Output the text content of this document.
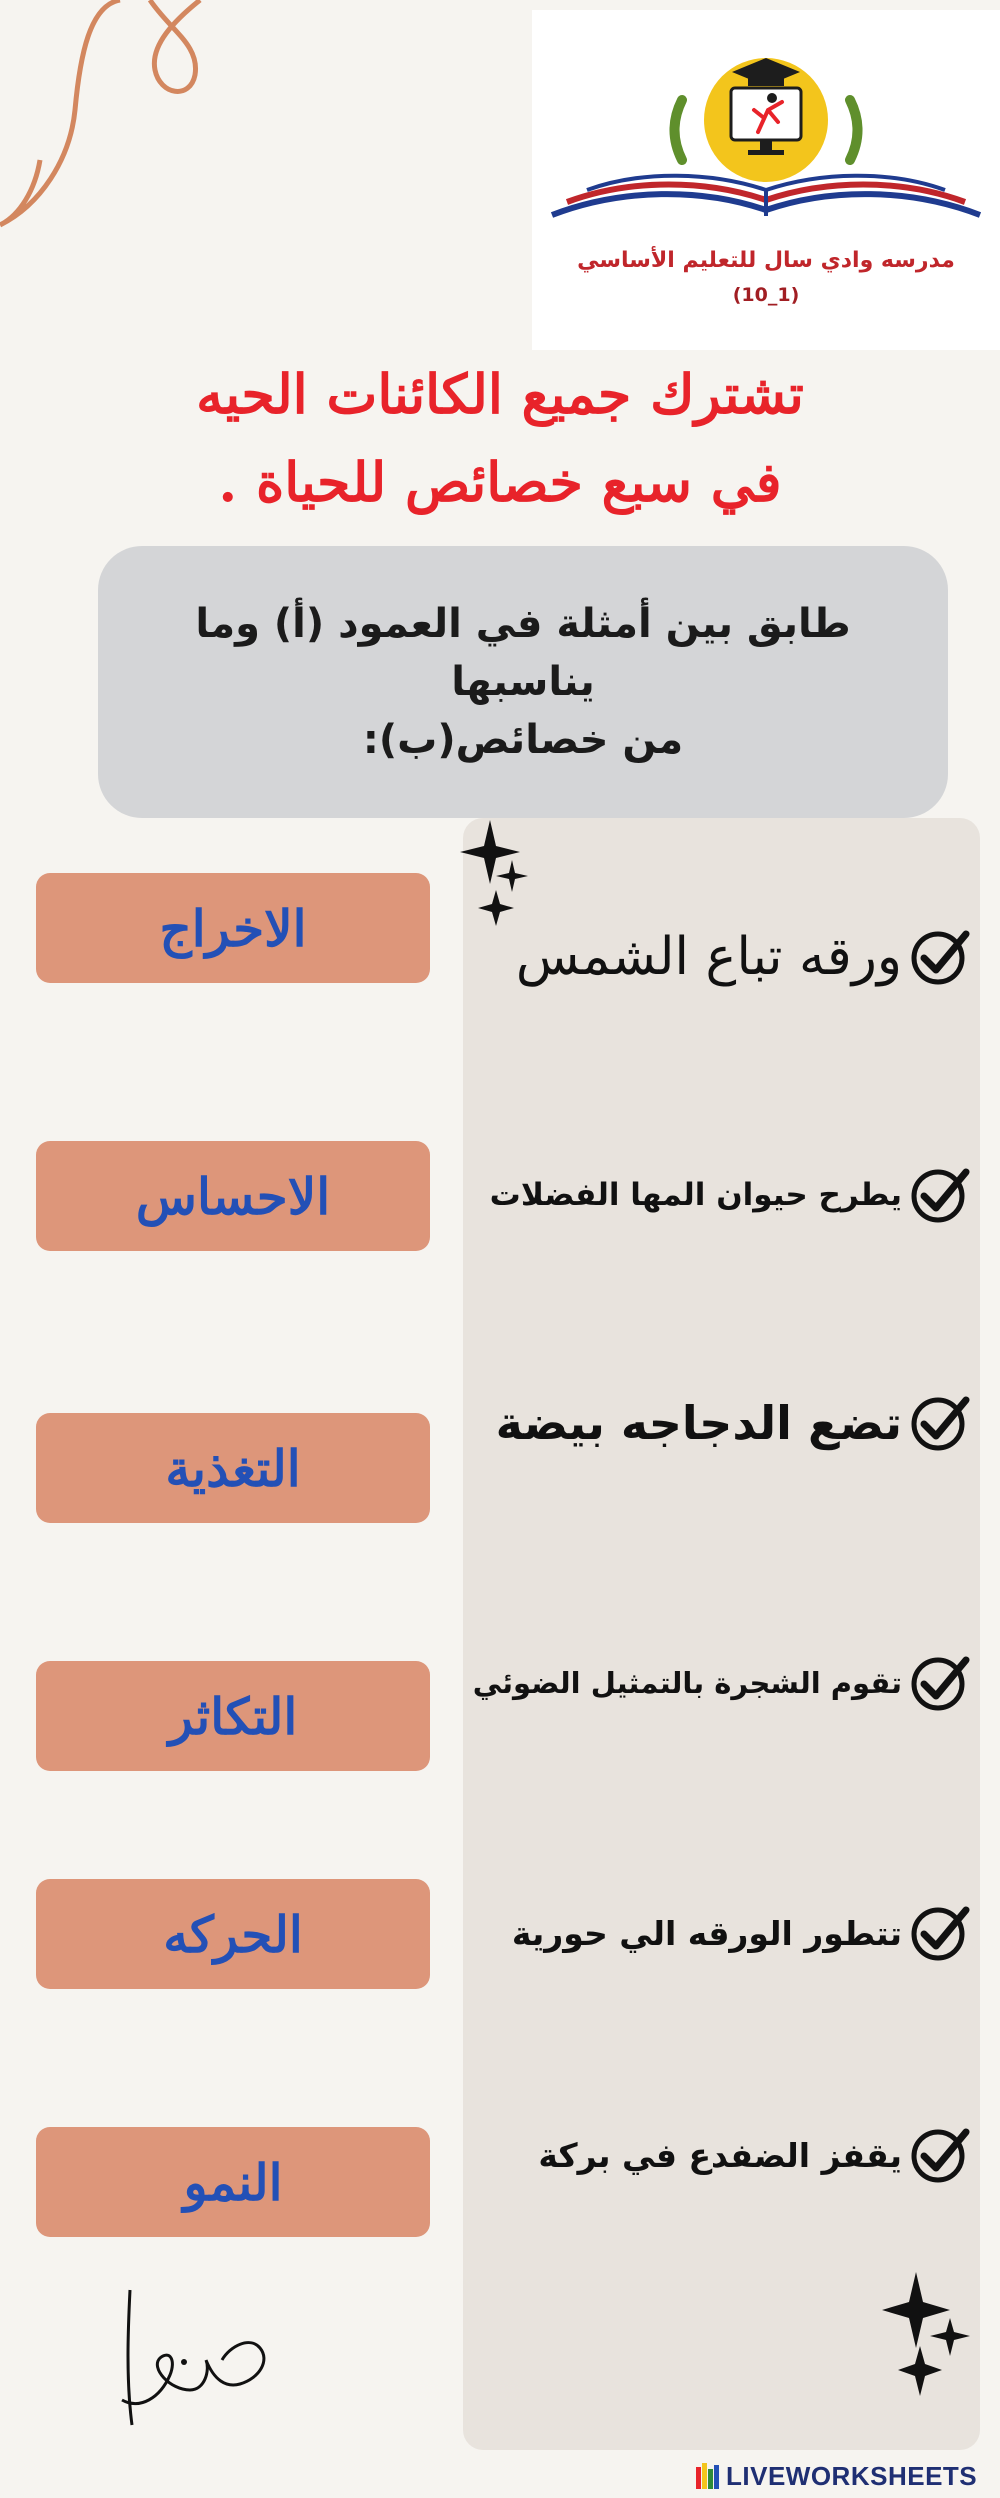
مدرسه وادي سال للتعليم الأساسي
(10_1)
تشترك جميع الكائنات الحيه
في سبع خصائص للحياة .
طابق بين أمثلة في العمود (أ) وما يناسبها
من خصائص(ب):
ورقه تباع الشمس
يطرح حيوان المها الفضلات
تضع الدجاجه بيضة
تقوم الشجرة بالتمثيل الضوئي
تتطور الورقه الي حورية
يقفز الضفدع في بركة
الاخراج
الاحساس
التغذية
التكاثر
الحركه
النمو
LIVEWORKSHEETS
